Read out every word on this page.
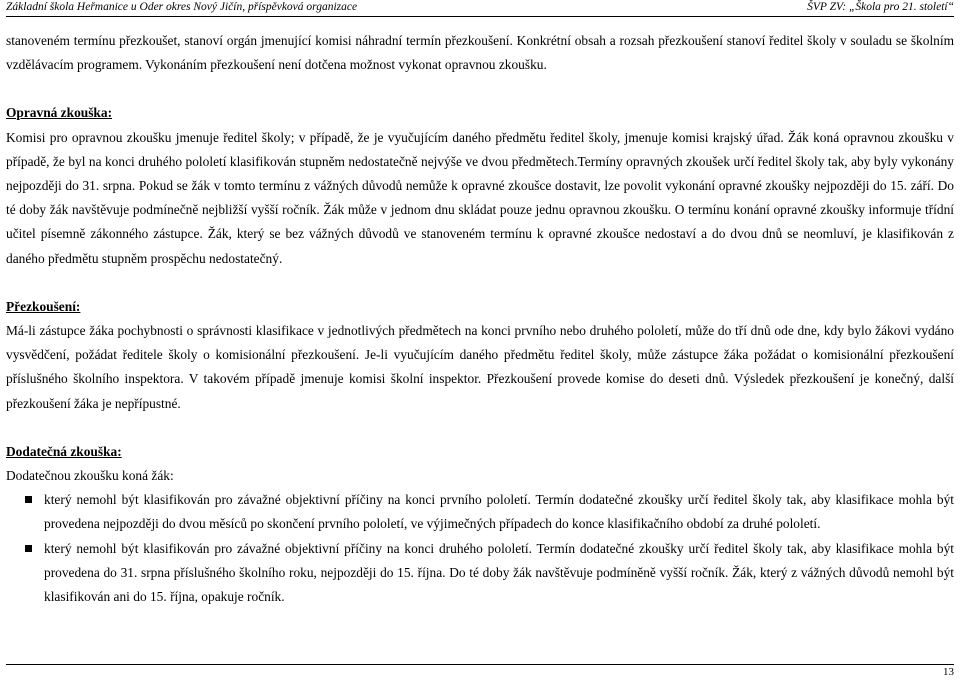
Základní škola Heřmanice u Oder okres Nový Jičín, příspěvková organizace	ŠVP ZV: „Škola pro 21. století“

stanoveném termínu přezkoušet, stanoví orgán jmenující komisi náhradní termín přezkoušení. Konkrétní obsah a rozsah přezkoušení stanoví ředitel školy v souladu se školním vzdělávacím programem. Vykonáním přezkoušení není dotčena možnost vykonat opravnou zkoušku.

Opravná zkouška:

Komisi pro opravnou zkoušku jmenuje ředitel školy; v případě, že je vyučujícím daného předmětu ředitel školy, jmenuje komisi krajský úřad. Žák koná opravnou zkoušku v případě, že byl na konci druhého pololetí klasifikován stupněm nedostatečně nejvýše ve dvou předmětech.Termíny opravných zkoušek určí ředitel školy tak, aby byly vykonány nejpozději do 31. srpna. Pokud se žák v tomto termínu z vážných důvodů nemůže k opravné zkoušce dostavit, lze povolit vykonání opravné zkoušky nejpozději do 15. září. Do té doby žák navštěvuje podmínečně nejbližší vyšší ročník. Žák může v jednom dnu skládat pouze jednu opravnou zkoušku. O termínu konání opravné zkoušky informuje třídní učitel písemně zákonného zástupce. Žák, který se bez vážných důvodů ve stanoveném termínu k opravné zkoušce nedostaví a do dvou dnů se neomluví, je klasifikován z daného předmětu stupněm prospěchu nedostatečný.

Přezkoušení:

Má-li zástupce žáka pochybnosti o správnosti klasifikace v jednotlivých předmětech na konci prvního nebo druhého pololetí, může do tří dnů ode dne, kdy bylo žákovi vydáno vysvědčení, požádat ředitele školy o komisionální přezkoušení. Je-li vyučujícím daného předmětu ředitel školy, může zástupce žáka požádat o komisionální přezkoušení příslušného školního inspektora. V takovém případě jmenuje komisi školní inspektor. Přezkoušení provede komise do deseti dnů. Výsledek přezkoušení je konečný, další přezkoušení žáka je nepřípustné.

Dodatečná zkouška:

Dodatečnou zkoušku koná žák:

který nemohl být klasifikován pro závažné objektivní příčiny na konci prvního pololetí. Termín dodatečné zkoušky určí ředitel školy tak, aby klasifikace mohla být provedena nejpozději do dvou měsíců po skončení prvního pololetí, ve výjimečných případech do konce klasifikačního období za druhé pololetí.
který nemohl být klasifikován pro závažné objektivní příčiny na konci druhého pololetí. Termín dodatečné zkoušky určí ředitel školy tak, aby klasifikace mohla být provedena do 31. srpna příslušného školního roku, nejpozději do 15. října. Do té doby žák navštěvuje podmíněně vyšší ročník. Žák, který z vážných důvodů nemohl být klasifikován ani do 15. října, opakuje ročník.
13
